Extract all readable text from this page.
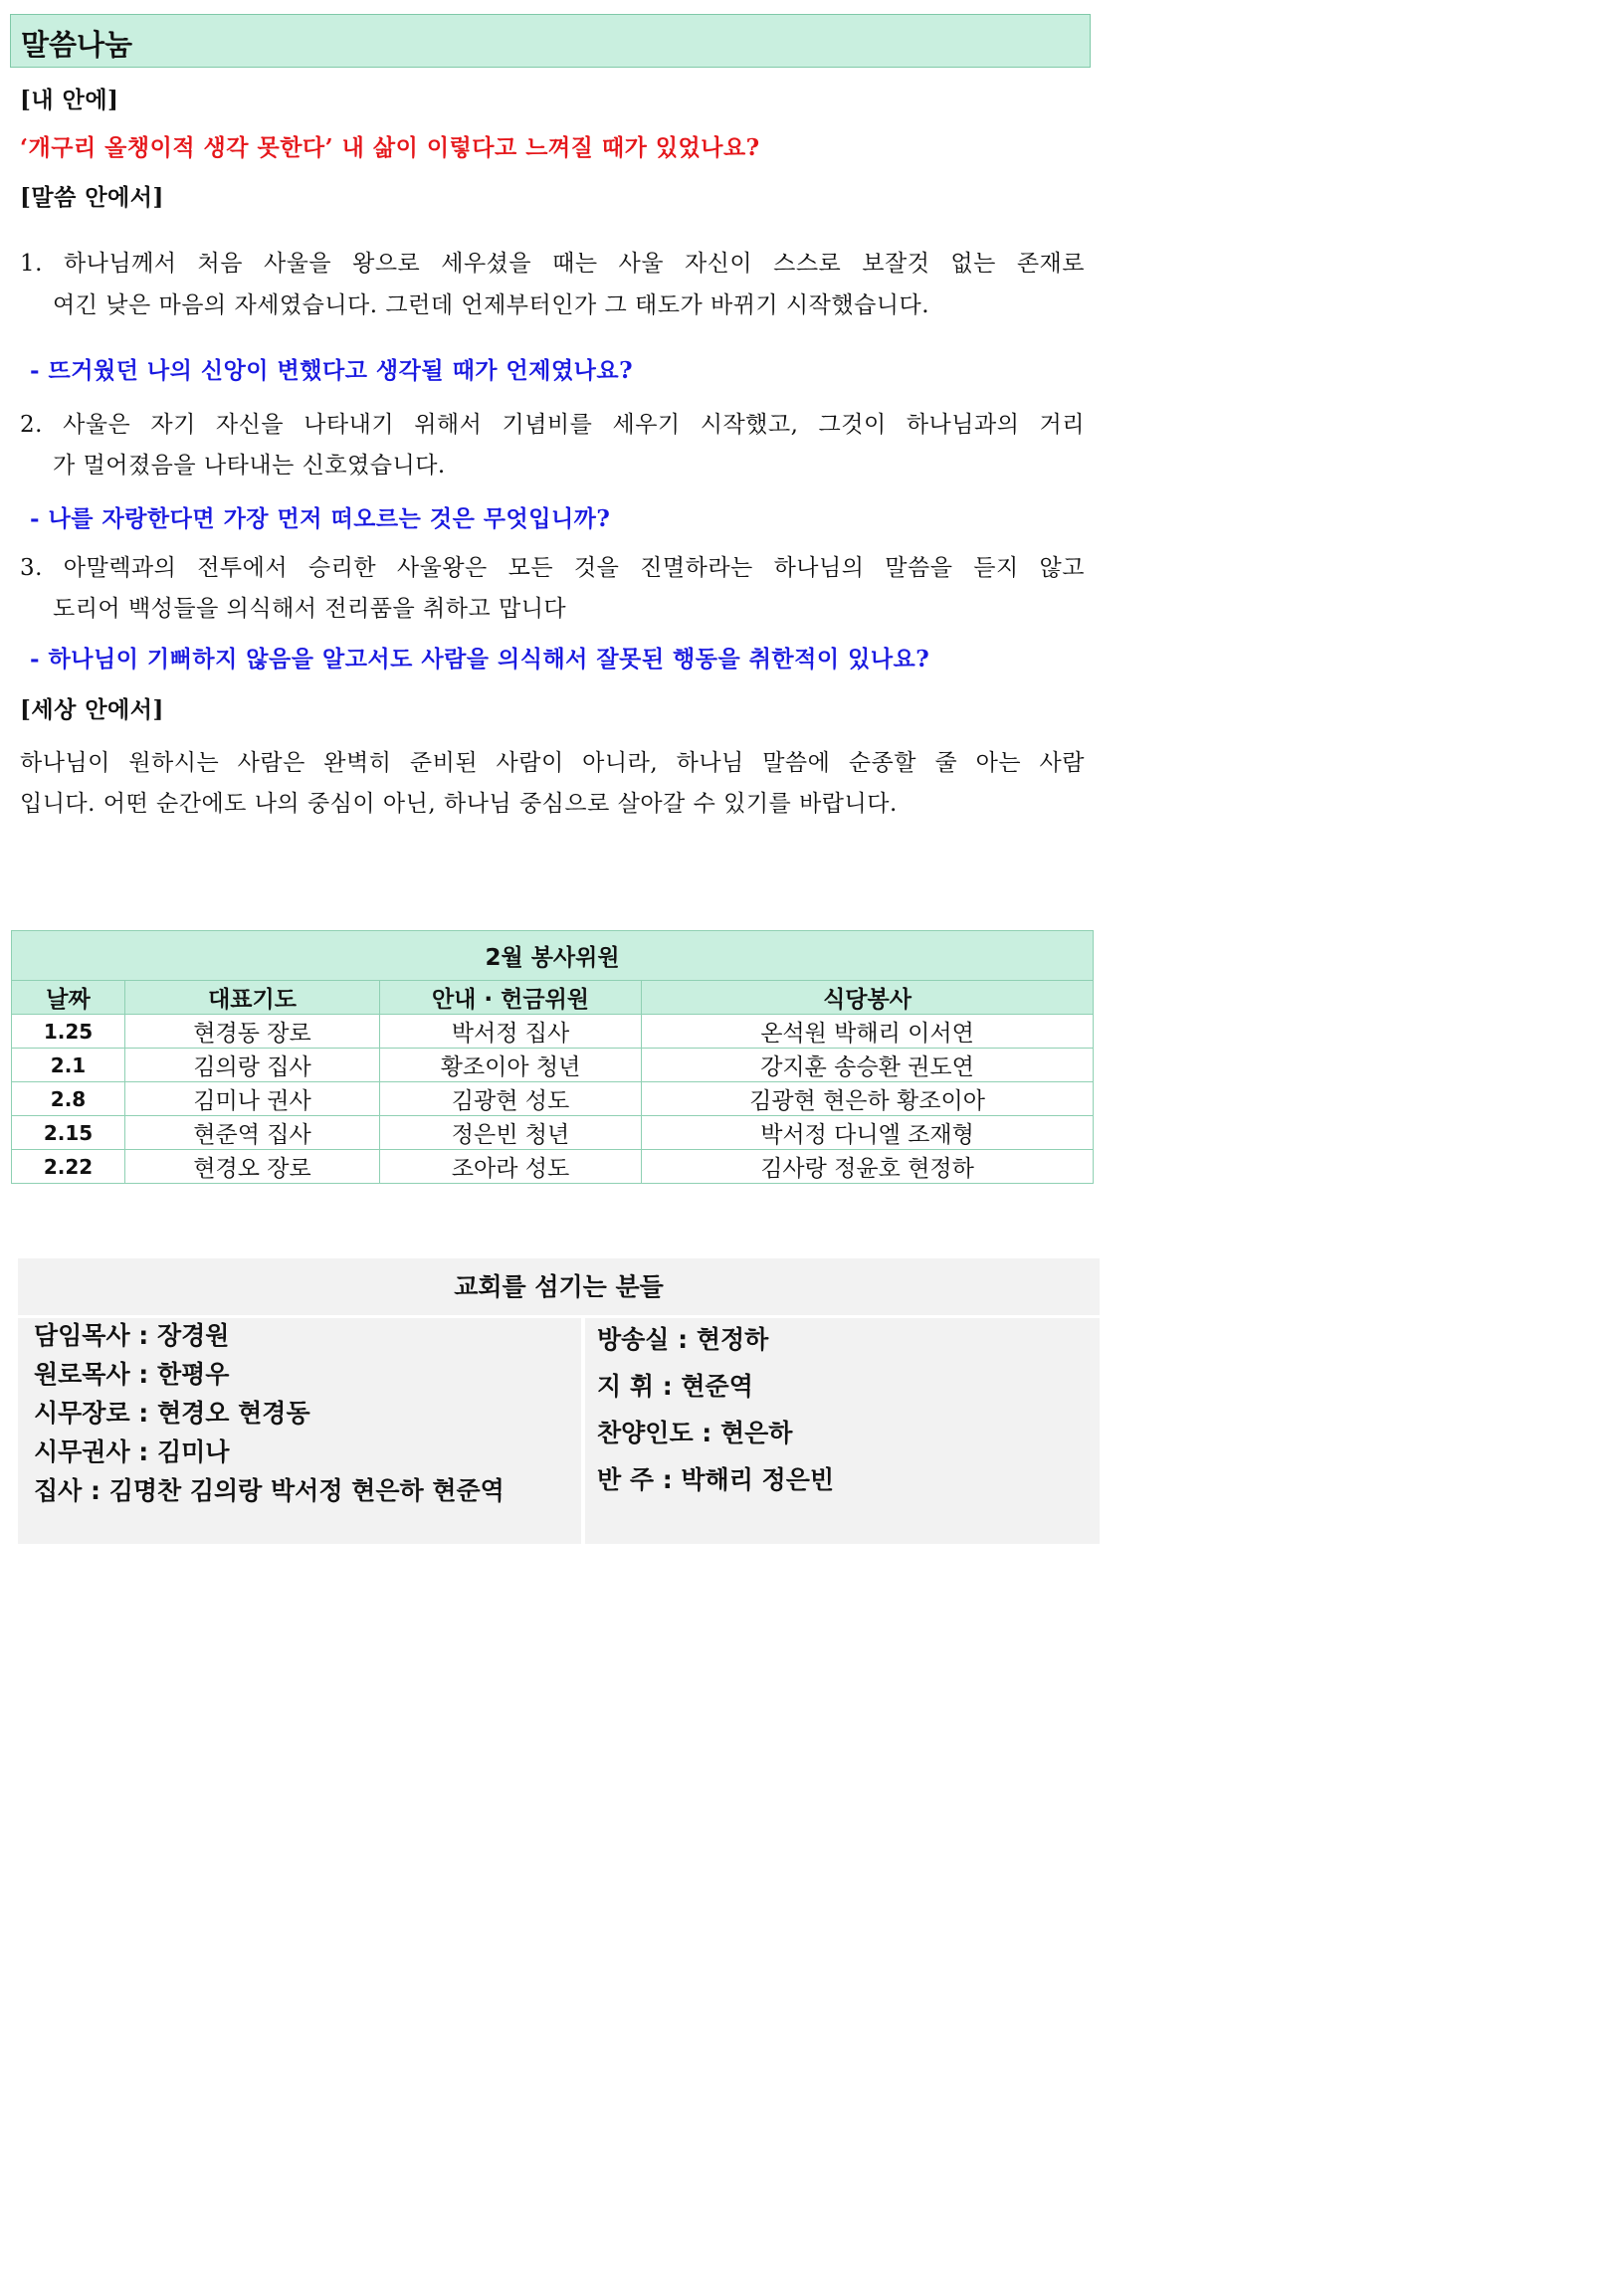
말씀나눔
[내 안에]
‘개구리 올챙이적 생각 못한다’ 내 삶이 이렇다고 느껴질 때가 있었나요?
[말씀 안에서]
1. 하나님께서 처음 사울을 왕으로 세우셨을 때는 사울 자신이 스스로 보잘것 없는 존재로
여긴 낮은 마음의 자세였습니다. 그런데 언제부터인가 그 태도가 바뀌기 시작했습니다.
- 뜨거웠던 나의 신앙이 변했다고 생각될 때가 언제였나요?
2. 사울은 자기 자신을 나타내기 위해서 기념비를 세우기 시작했고, 그것이 하나님과의 거리
가 멀어졌음을 나타내는 신호였습니다.
- 나를 자랑한다면 가장 먼저 떠오르는 것은 무엇입니까?
3. 아말렉과의 전투에서 승리한 사울왕은 모든 것을 진멸하라는 하나님의 말씀을 듣지 않고
도리어 백성들을 의식해서 전리품을 취하고 맙니다
- 하나님이 기뻐하지 않음을 알고서도 사람을 의식해서 잘못된 행동을 취한적이 있나요?
[세상 안에서]
하나님이 원하시는 사람은 완벽히 준비된 사람이 아니라, 하나님 말씀에 순종할 줄 아는 사람
입니다. 어떤 순간에도 나의 중심이 아닌, 하나님 중심으로 살아갈 수 있기를 바랍니다.
2월 봉사위원			
날짜	대표기도	안내 · 헌금위원	식당봉사
1.25	현경동 장로	박서정 집사	온석원 박해리 이서연
2.1	김의랑 집사	황조이아 청년	강지훈 송승환 권도연
2.8	김미나 권사	김광현 성도	김광현 현은하 황조이아
2.15	현준역 집사	정은빈 청년	박서정 다니엘 조재형
2.22	현경오 장로	조아라 성도	김사랑 정윤호 현정하
교회를 섬기는 분들
담임목사 : 장경원
원로목사 : 한평우
시무장로 : 현경오 현경동
시무권사 : 김미나
집사 : 김명찬 김의랑 박서정 현은하 현준역
방송실 : 현정하
지 휘 : 현준역
찬양인도 : 현은하
반 주 : 박해리 정은빈
